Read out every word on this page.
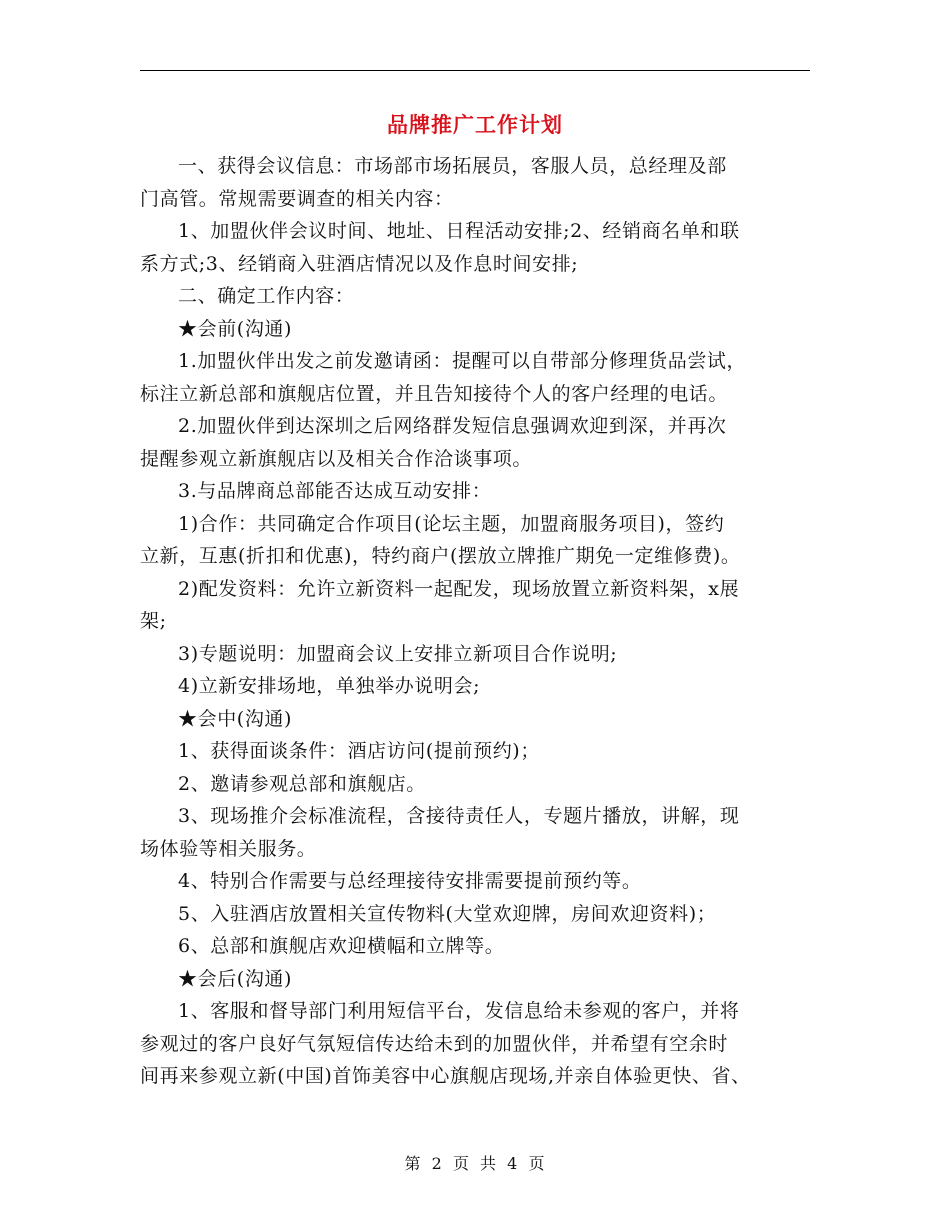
品牌推广工作计划
一、获得会议信息：市场部市场拓展员，客服人员，总经理及部
门高管。常规需要调查的相关内容：
1、加盟伙伴会议时间、地址、日程活动安排;2、经销商名单和联
系方式;3、经销商入驻酒店情况以及作息时间安排;
二、确定工作内容：
★会前(沟通)
1.加盟伙伴出发之前发邀请函：提醒可以自带部分修理货品尝试，
标注立新总部和旗舰店位置，并且告知接待个人的客户经理的电话。
2.加盟伙伴到达深圳之后网络群发短信息强调欢迎到深，并再次
提醒参观立新旗舰店以及相关合作洽谈事项。
3.与品牌商总部能否达成互动安排：
1)合作：共同确定合作项目(论坛主题，加盟商服务项目)，签约
立新，互惠(折扣和优惠)，特约商户(摆放立牌推广期免一定维修费)。
2)配发资料：允许立新资料一起配发，现场放置立新资料架，x展
架;
3)专题说明：加盟商会议上安排立新项目合作说明;
4)立新安排场地，单独举办说明会;
★会中(沟通)
1、获得面谈条件：酒店访问(提前预约)；
2、邀请参观总部和旗舰店。
3、现场推介会标准流程，含接待责任人，专题片播放，讲解，现
场体验等相关服务。
4、特别合作需要与总经理接待安排需要提前预约等。
5、入驻酒店放置相关宣传物料(大堂欢迎牌，房间欢迎资料)；
6、总部和旗舰店欢迎横幅和立牌等。
★会后(沟通)
1、客服和督导部门利用短信平台，发信息给未参观的客户，并将
参观过的客户良好气氛短信传达给未到的加盟伙伴，并希望有空余时
间再来参观立新(中国)首饰美容中心旗舰店现场,并亲自体验更快、省、
第 2 页 共 4 页
